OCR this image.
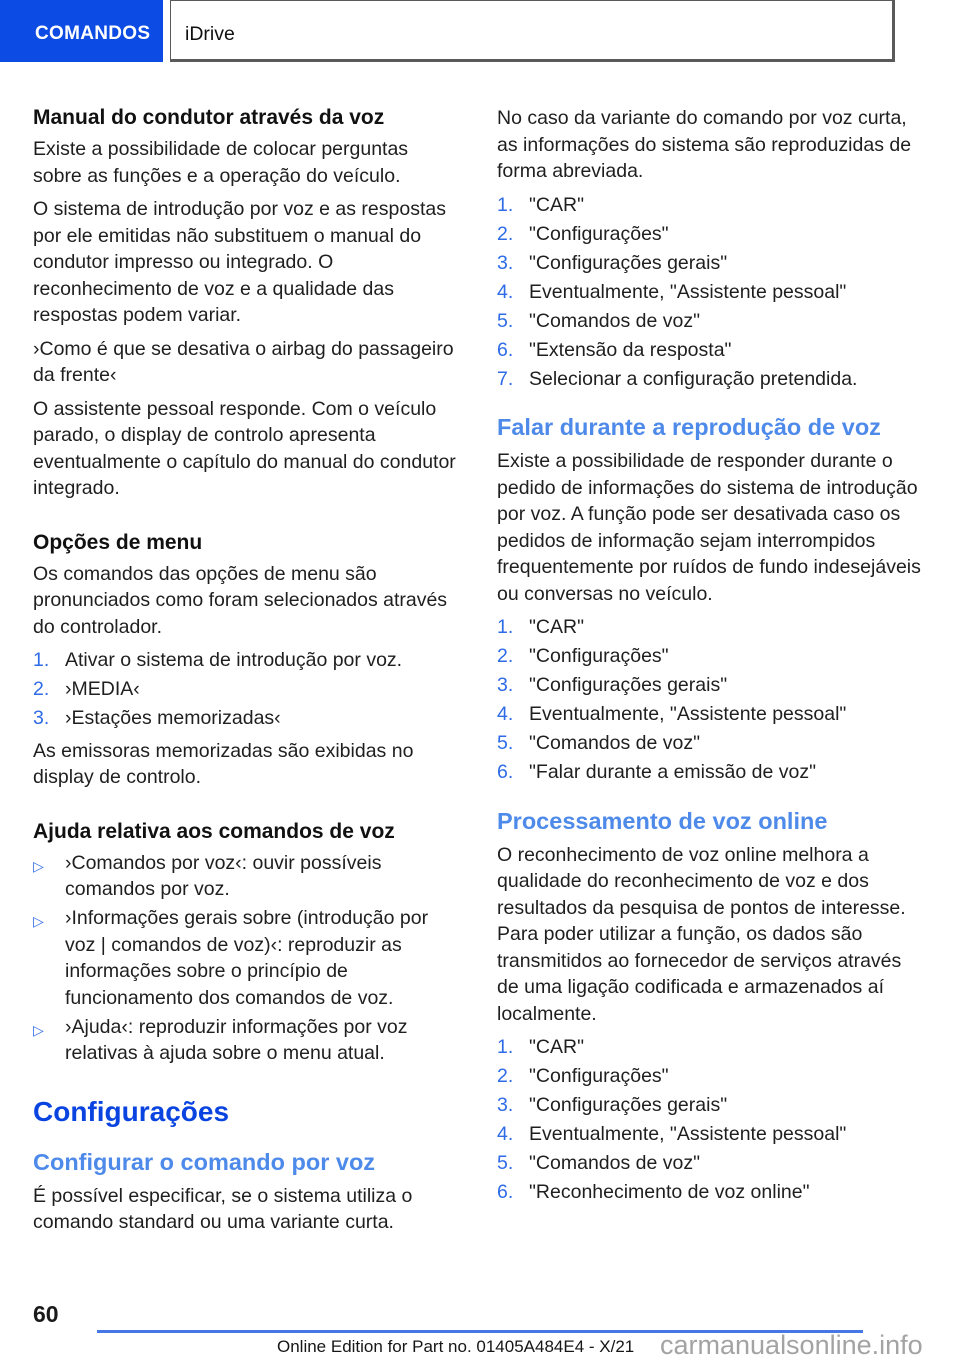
COMANDOS iDrive
Manual do condutor através da voz

Existe a possibilidade de colocar perguntas sobre as funções e a operação do veículo.

O sistema de introdução por voz e as respostas por ele emitidas não substituem o manual do condutor impresso ou integrado. O reconhecimento de voz e a qualidade das respostas podem variar.

›Como é que se desativa o airbag do passageiro da frente‹

O assistente pessoal responde. Com o veículo parado, o display de controlo apresenta eventualmente o capítulo do manual do condutor integrado.

Opções de menu

Os comandos das opções de menu são pronunciados como foram selecionados através do controlador.

1. Ativar o sistema de introdução por voz.
2. ›MEDIA‹
3. ›Estações memorizadas‹

As emissoras memorizadas são exibidas no display de controlo.

Ajuda relativa aos comandos de voz
▷	›Comandos por voz‹: ouvir possíveis comandos por voz.
▷	›Informações gerais sobre (introdução por voz | comandos de voz)‹: reproduzir as informações sobre o princípio de funcionamento dos comandos de voz.
▷	›Ajuda‹: reproduzir informações por voz relativas à ajuda sobre o menu atual.
Configurações
Configurar o comando por voz

É possível especificar, se o sistema utiliza o comando standard ou uma variante curta.

No caso da variante do comando por voz curta, as informações do sistema são reproduzidas de forma abreviada.

1. "CAR"
2. "Configurações"
3. "Configurações gerais"
4. Eventualmente, "Assistente pessoal"
5. "Comandos de voz"
6. "Extensão da resposta"
7. Selecionar a configuração pretendida.
Falar durante a reprodução de voz

Existe a possibilidade de responder durante o pedido de informações do sistema de introdução por voz. A função pode ser desativada caso os pedidos de informação sejam interrompidos frequentemente por ruídos de fundo indesejáveis ou conversas no veículo.

1. "CAR"
2. "Configurações"
3. "Configurações gerais"
4. Eventualmente, "Assistente pessoal"
5. "Comandos de voz"
6. "Falar durante a emissão de voz"
Processamento de voz online

O reconhecimento de voz online melhora a qualidade do reconhecimento de voz e dos resultados da pesquisa de pontos de interesse. Para poder utilizar a função, os dados são transmitidos ao fornecedor de serviços através de uma ligação codificada e armazenados aí localmente.

1. "CAR"
2. "Configurações"
3. "Configurações gerais"
4. Eventualmente, "Assistente pessoal"
5. "Comandos de voz"
6. "Reconhecimento de voz online"
60
Online Edition for Part no. 01405A484E4 - X/21 carmanualsonline.info
